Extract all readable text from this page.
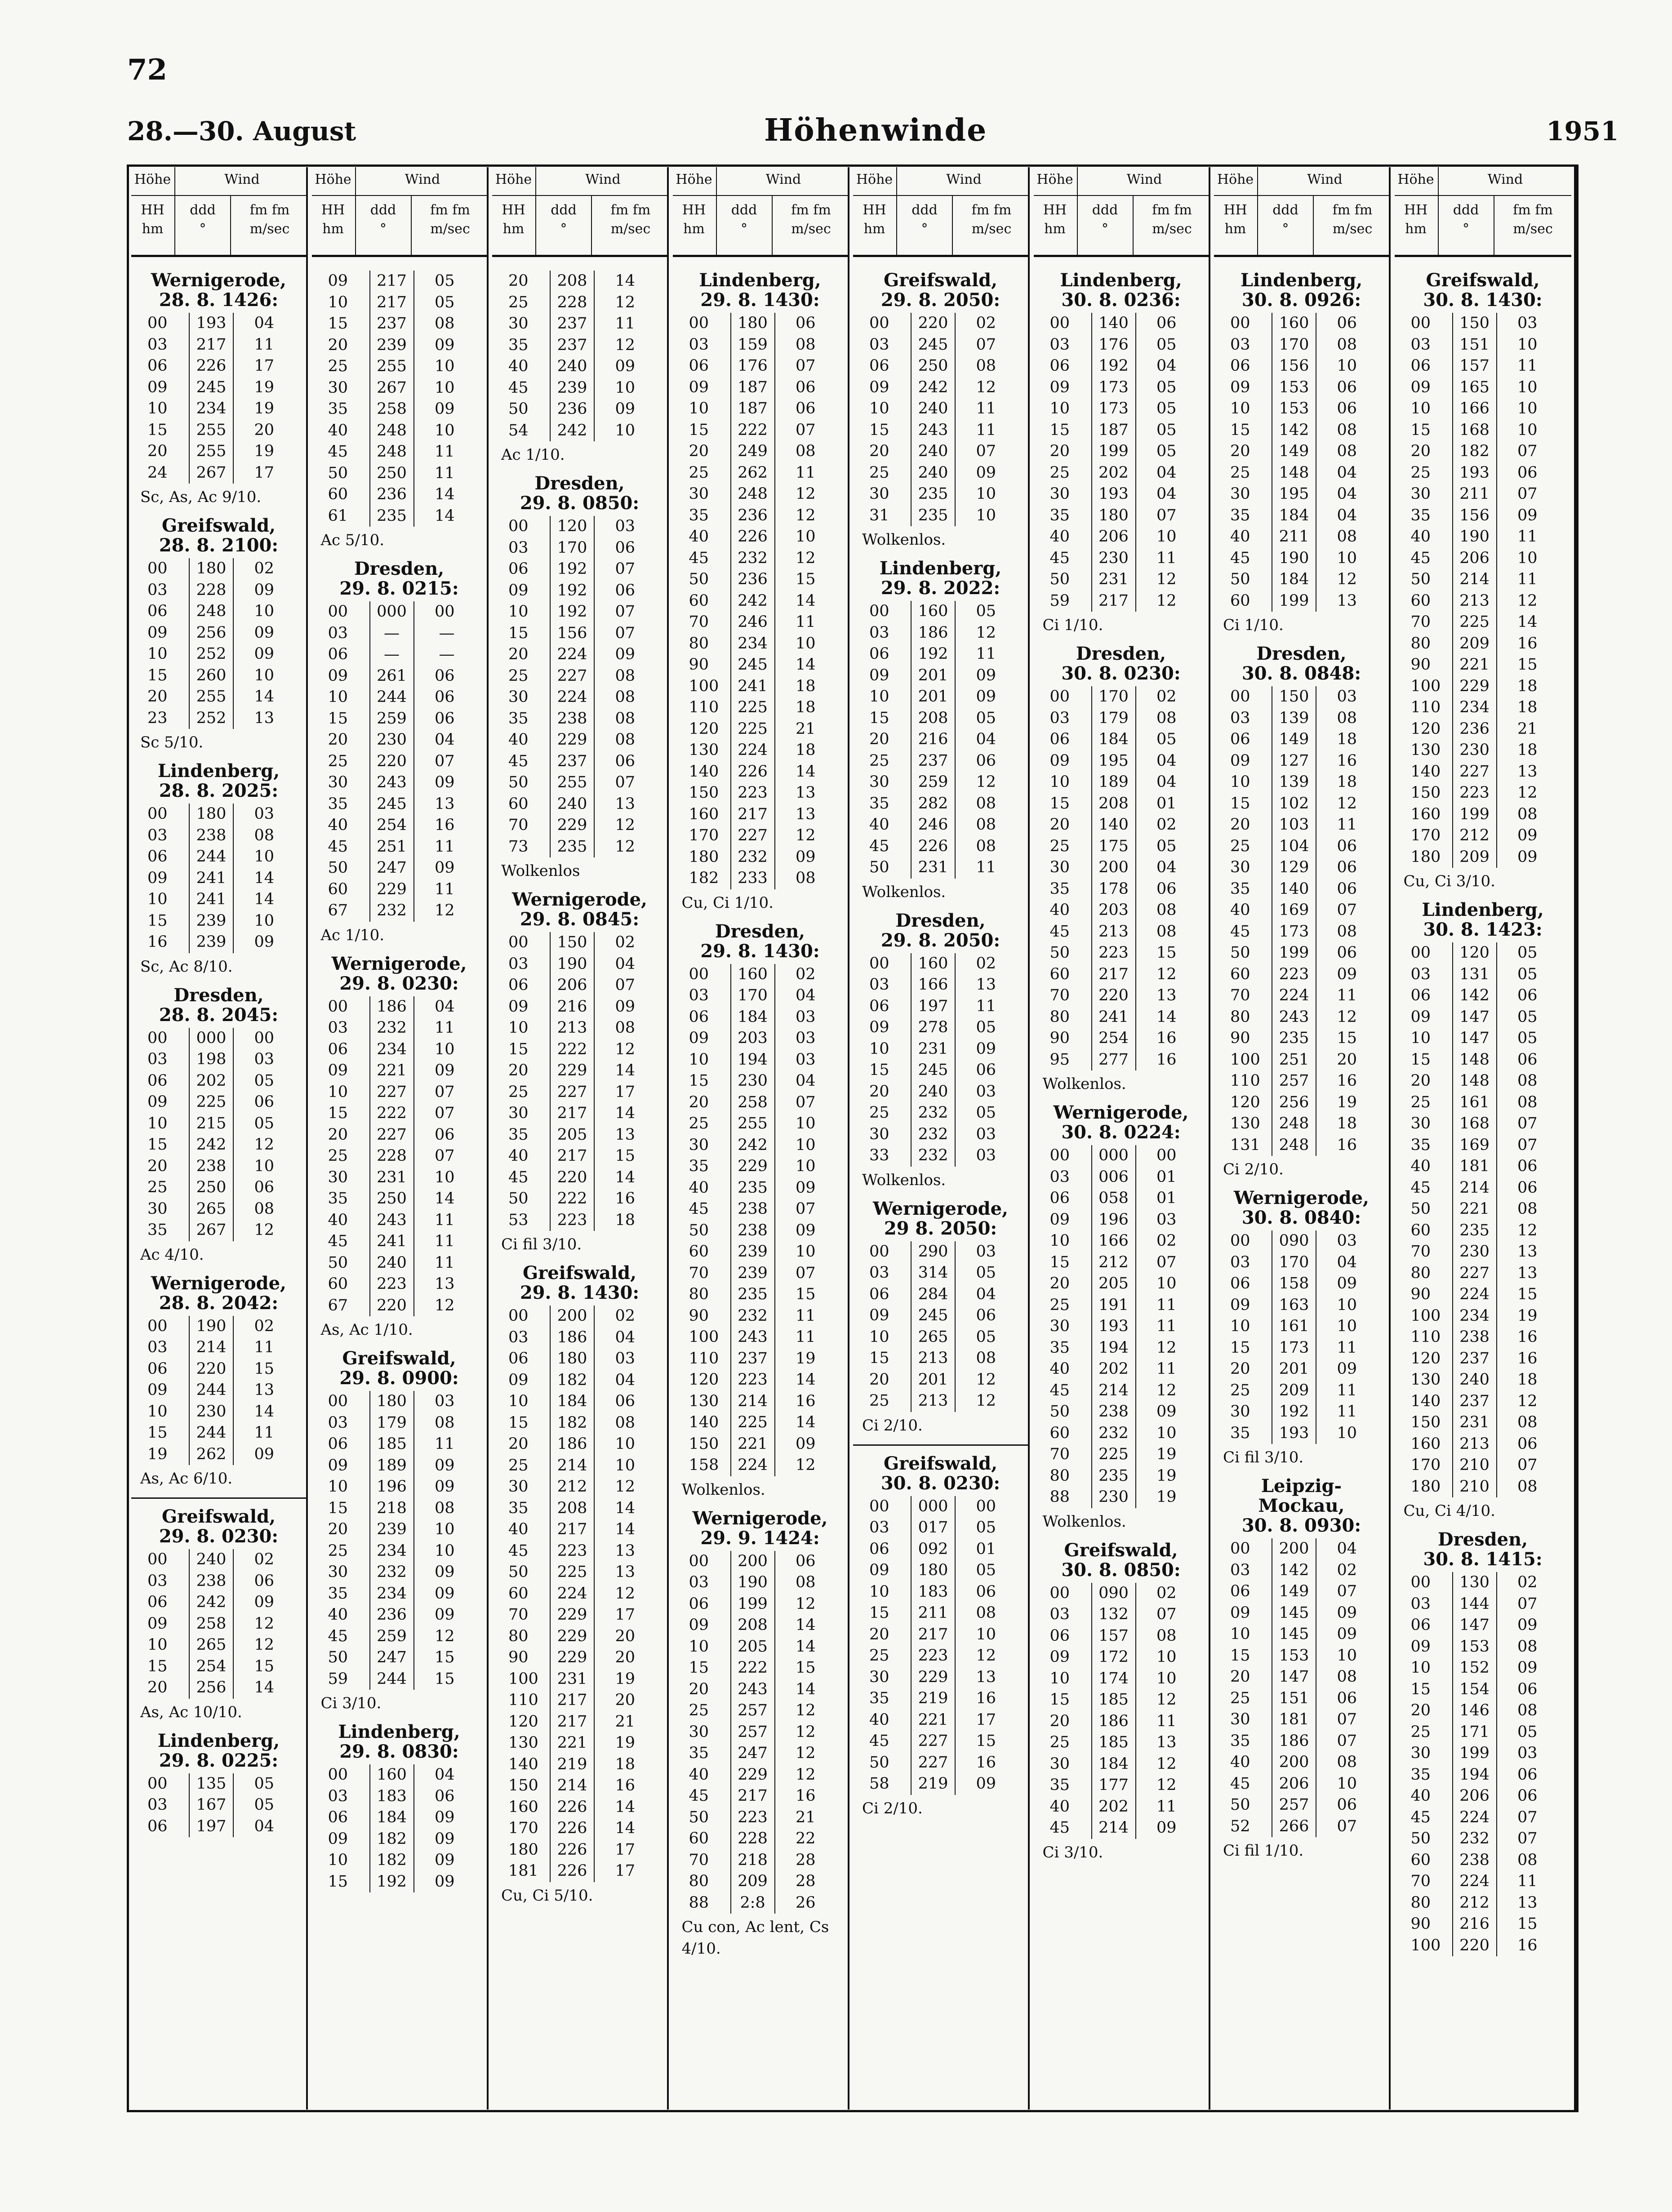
72
28.—30. August	Höhenwinde	1951
Höhe	Wind
HH
hm
ddd
°
fm fm
m/sec
Wernigerode,
28. 8. 1426:
00	193	04
03	217	11
06	226	17
09	245	19
10	234	19
15	255	20
20	255	19
24	267	17
Sc, As, Ac 9/10.
Greifswald,
28. 8. 2100:
00	180	02
03	228	09
06	248	10
09	256	09
10	252	09
15	260	10
20	255	14
23	252	13
Sc 5/10.
Lindenberg,
28. 8. 2025:
00	180	03
03	238	08
06	244	10
09	241	14
10	241	14
15	239	10
16	239	09
Sc, Ac 8/10.
Dresden,
28. 8. 2045:
00	000	00
03	198	03
06	202	05
09	225	06
10	215	05
15	242	12
20	238	10
25	250	06
30	265	08
35	267	12
Ac 4/10.
Wernigerode,
28. 8. 2042:
00	190	02
03	214	11
06	220	15
09	244	13
10	230	14
15	244	11
19	262	09
As, Ac 6/10.
Greifswald,
29. 8. 0230:
00	240	02
03	238	06
06	242	09
09	258	12
10	265	12
15	254	15
20	256	14
As, Ac 10/10.
Lindenberg,
29. 8. 0225:
00	135	05
03	167	05
06	197	04
Höhe	Wind
HH
hm
ddd
°
fm fm
m/sec
09	217	05
10	217	05
15	237	08
20	239	09
25	255	10
30	267	10
35	258	09
40	248	10
45	248	11
50	250	11
60	236	14
61	235	14
Ac 5/10.
Dresden,
29. 8. 0215:
00	000	00
03	—	—
06	—	—
09	261	06
10	244	06
15	259	06
20	230	04
25	220	07
30	243	09
35	245	13
40	254	16
45	251	11
50	247	09
60	229	11
67	232	12
Ac 1/10.
Wernigerode,
29. 8. 0230:
00	186	04
03	232	11
06	234	10
09	221	09
10	227	07
15	222	07
20	227	06
25	228	07
30	231	10
35	250	14
40	243	11
45	241	11
50	240	11
60	223	13
67	220	12
As, Ac 1/10.
Greifswald,
29. 8. 0900:
00	180	03
03	179	08
06	185	11
09	189	09
10	196	09
15	218	08
20	239	10
25	234	10
30	232	09
35	234	09
40	236	09
45	259	12
50	247	15
59	244	15
Ci 3/10.
Lindenberg,
29. 8. 0830:
00	160	04
03	183	06
06	184	09
09	182	09
10	182	09
15	192	09
Höhe	Wind
HH
hm
ddd
°
fm fm
m/sec
20	208	14
25	228	12
30	237	11
35	237	12
40	240	09
45	239	10
50	236	09
54	242	10
Ac 1/10.
Dresden,
29. 8. 0850:
00	120	03
03	170	06
06	192	07
09	192	06
10	192	07
15	156	07
20	224	09
25	227	08
30	224	08
35	238	08
40	229	08
45	237	06
50	255	07
60	240	13
70	229	12
73	235	12
Wolkenlos
Wernigerode,
29. 8. 0845:
00	150	02
03	190	04
06	206	07
09	216	09
10	213	08
15	222	12
20	229	14
25	227	17
30	217	14
35	205	13
40	217	15
45	220	14
50	222	16
53	223	18
Ci fil 3/10.
Greifswald,
29. 8. 1430:
00	200	02
03	186	04
06	180	03
09	182	04
10	184	06
15	182	08
20	186	10
25	214	10
30	212	12
35	208	14
40	217	14
45	223	13
50	225	13
60	224	12
70	229	17
80	229	20
90	229	20
100	231	19
110	217	20
120	217	21
130	221	19
140	219	18
150	214	16
160	226	14
170	226	14
180	226	17
181	226	17
Cu, Ci 5/10.
Höhe	Wind
HH
hm
ddd
°
fm fm
m/sec
Lindenberg,
29. 8. 1430:
00	180	06
03	159	08
06	176	07
09	187	06
10	187	06
15	222	07
20	249	08
25	262	11
30	248	12
35	236	12
40	226	10
45	232	12
50	236	15
60	242	14
70	246	11
80	234	10
90	245	14
100	241	18
110	225	18
120	225	21
130	224	18
140	226	14
150	223	13
160	217	13
170	227	12
180	232	09
182	233	08
Cu, Ci 1/10.
Dresden,
29. 8. 1430:
00	160	02
03	170	04
06	184	03
09	203	03
10	194	03
15	230	04
20	258	07
25	255	10
30	242	10
35	229	10
40	235	09
45	238	07
50	238	09
60	239	10
70	239	07
80	235	15
90	232	11
100	243	11
110	237	19
120	223	14
130	214	16
140	225	14
150	221	09
158	224	12
Wolkenlos.
Wernigerode,
29. 9. 1424:
00	200	06
03	190	08
06	199	12
09	208	14
10	205	14
15	222	15
20	243	14
25	257	12
30	257	12
35	247	12
40	229	12
45	217	16
50	223	21
60	228	22
70	218	28
80	209	28
88	2:8	26
Cu con, Ac lent, Cs 4/10.
Höhe	Wind
HH
hm
ddd
°
fm fm
m/sec
Greifswald,
29. 8. 2050:
00	220	02
03	245	07
06	250	08
09	242	12
10	240	11
15	243	11
20	240	07
25	240	09
30	235	10
31	235	10
Wolkenlos.
Lindenberg,
29. 8. 2022:
00	160	05
03	186	12
06	192	11
09	201	09
10	201	09
15	208	05
20	216	04
25	237	06
30	259	12
35	282	08
40	246	08
45	226	08
50	231	11
Wolkenlos.
Dresden,
29. 8. 2050:
00	160	02
03	166	13
06	197	11
09	278	05
10	231	09
15	245	06
20	240	03
25	232	05
30	232	03
33	232	03
Wolkenlos.
Wernigerode,
29 8. 2050:
00	290	03
03	314	05
06	284	04
09	245	06
10	265	05
15	213	08
20	201	12
25	213	12
Ci 2/10.
Greifswald,
30. 8. 0230:
00	000	00
03	017	05
06	092	01
09	180	05
10	183	06
15	211	08
20	217	10
25	223	12
30	229	13
35	219	16
40	221	17
45	227	15
50	227	16
58	219	09
Ci 2/10.
Höhe	Wind
HH
hm
ddd
°
fm fm
m/sec
Lindenberg,
30. 8. 0236:
00	140	06
03	176	05
06	192	04
09	173	05
10	173	05
15	187	05
20	199	05
25	202	04
30	193	04
35	180	07
40	206	10
45	230	11
50	231	12
59	217	12
Ci 1/10.
Dresden,
30. 8. 0230:
00	170	02
03	179	08
06	184	05
09	195	04
10	189	04
15	208	01
20	140	02
25	175	05
30	200	04
35	178	06
40	203	08
45	213	08
50	223	15
60	217	12
70	220	13
80	241	14
90	254	16
95	277	16
Wolkenlos.
Wernigerode,
30. 8. 0224:
00	000	00
03	006	01
06	058	01
09	196	03
10	166	02
15	212	07
20	205	10
25	191	11
30	193	11
35	194	12
40	202	11
45	214	12
50	238	09
60	232	10
70	225	19
80	235	19
88	230	19
Wolkenlos.
Greifswald,
30. 8. 0850:
00	090	02
03	132	07
06	157	08
09	172	10
10	174	10
15	185	12
20	186	11
25	185	13
30	184	12
35	177	12
40	202	11
45	214	09
Ci 3/10.
Höhe	Wind
HH
hm
ddd
°
fm fm
m/sec
Lindenberg,
30. 8. 0926:
00	160	06
03	170	08
06	156	10
09	153	06
10	153	06
15	142	08
20	149	08
25	148	04
30	195	04
35	184	04
40	211	08
45	190	10
50	184	12
60	199	13
Ci 1/10.
Dresden,
30. 8. 0848:
00	150	03
03	139	08
06	149	18
09	127	16
10	139	18
15	102	12
20	103	11
25	104	06
30	129	06
35	140	06
40	169	07
45	173	08
50	199	06
60	223	09
70	224	11
80	243	12
90	235	15
100	251	20
110	257	16
120	256	19
130	248	18
131	248	16
Ci 2/10.
Wernigerode,
30. 8. 0840:
00	090	03
03	170	04
06	158	09
09	163	10
10	161	10
15	173	11
20	201	09
25	209	11
30	192	11
35	193	10
Ci fil 3/10.
Leipzig-Mockau,
30. 8. 0930:
00	200	04
03	142	02
06	149	07
09	145	09
10	145	09
15	153	10
20	147	08
25	151	06
30	181	07
35	186	07
40	200	08
45	206	10
50	257	06
52	266	07
Ci fil 1/10.
Höhe	Wind
HH
hm
ddd
°
fm fm
m/sec
Greifswald,
30. 8. 1430:
00	150	03
03	151	10
06	157	11
09	165	10
10	166	10
15	168	10
20	182	07
25	193	06
30	211	07
35	156	09
40	190	11
45	206	10
50	214	11
60	213	12
70	225	14
80	209	16
90	221	15
100	229	18
110	234	18
120	236	21
130	230	18
140	227	13
150	223	12
160	199	08
170	212	09
180	209	09
Cu, Ci 3/10.
Lindenberg,
30. 8. 1423:
00	120	05
03	131	05
06	142	06
09	147	05
10	147	05
15	148	06
20	148	08
25	161	08
30	168	07
35	169	07
40	181	06
45	214	06
50	221	08
60	235	12
70	230	13
80	227	13
90	224	15
100	234	19
110	238	16
120	237	16
130	240	18
140	237	12
150	231	08
160	213	06
170	210	07
180	210	08
Cu, Ci 4/10.
Dresden,
30. 8. 1415:
00	130	02
03	144	07
06	147	09
09	153	08
10	152	09
15	154	06
20	146	08
25	171	05
30	199	03
35	194	06
40	206	06
45	224	07
50	232	07
60	238	08
70	224	11
80	212	13
90	216	15
100	220	16
